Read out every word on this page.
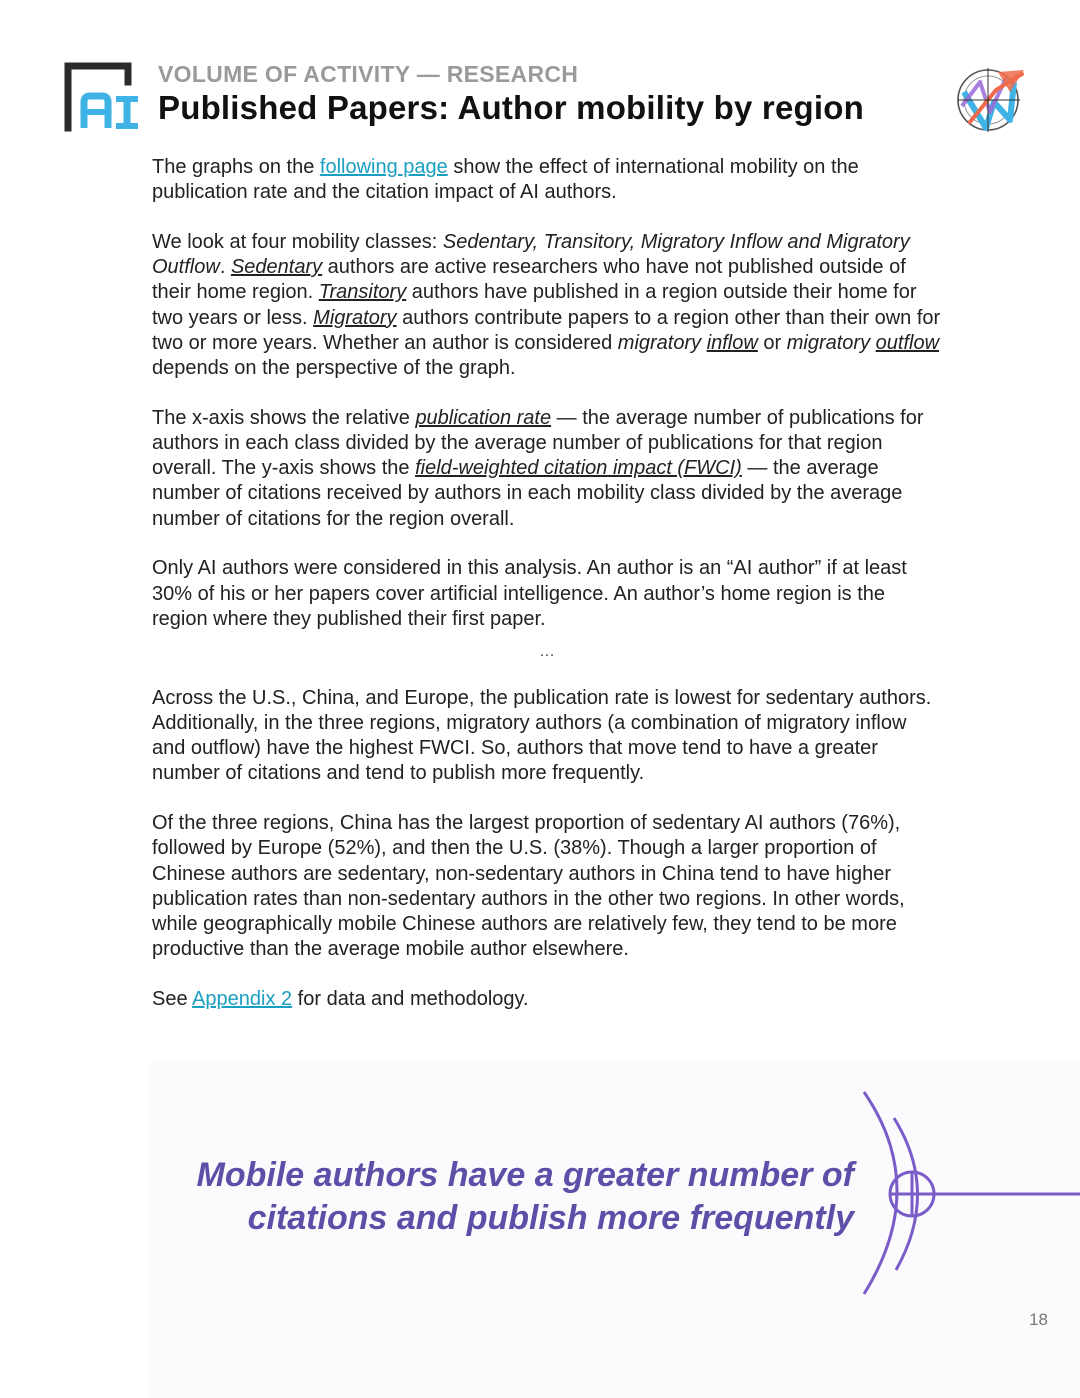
VOLUME OF ACTIVITY — RESEARCH
Published Papers: Author mobility by region

The graphs on the following page show the effect of international mobility on the publication rate and the citation impact of AI authors.

We look at four mobility classes: Sedentary, Transitory, Migratory Inflow and Migratory Outflow. Sedentary authors are active researchers who have not published outside of their home region. Transitory authors have published in a region outside their home for two years or less. Migratory authors contribute papers to a region other than their own for two or more years. Whether an author is considered migratory inflow or migratory outflow depends on the perspective of the graph.

The x-axis shows the relative publication rate — the average number of publications for authors in each class divided by the average number of publications for that region overall. The y-axis shows the field-weighted citation impact (FWCI) — the average number of citations received by authors in each mobility class divided by the average number of citations for the region overall.

Only AI authors were considered in this analysis. An author is an “AI author” if at least 30% of his or her papers cover artificial intelligence. An author’s home region is the region where they published their first paper.

…

Across the U.S., China, and Europe, the publication rate is lowest for sedentary authors. Additionally, in the three regions, migratory authors (a combination of migratory inflow and outflow) have the highest FWCI. So, authors that move tend to have a greater number of citations and tend to publish more frequently.

Of the three regions, China has the largest proportion of sedentary AI authors (76%), followed by Europe (52%), and then the U.S. (38%). Though a larger proportion of Chinese authors are sedentary, non-sedentary authors in China tend to have higher publication rates than non-sedentary authors in the other two regions. In other words, while geographically mobile Chinese authors are relatively few, they tend to be more productive than the average mobile author elsewhere.

See Appendix 2 for data and methodology.

Mobile authors have a greater number of
citations and publish more frequently
18
